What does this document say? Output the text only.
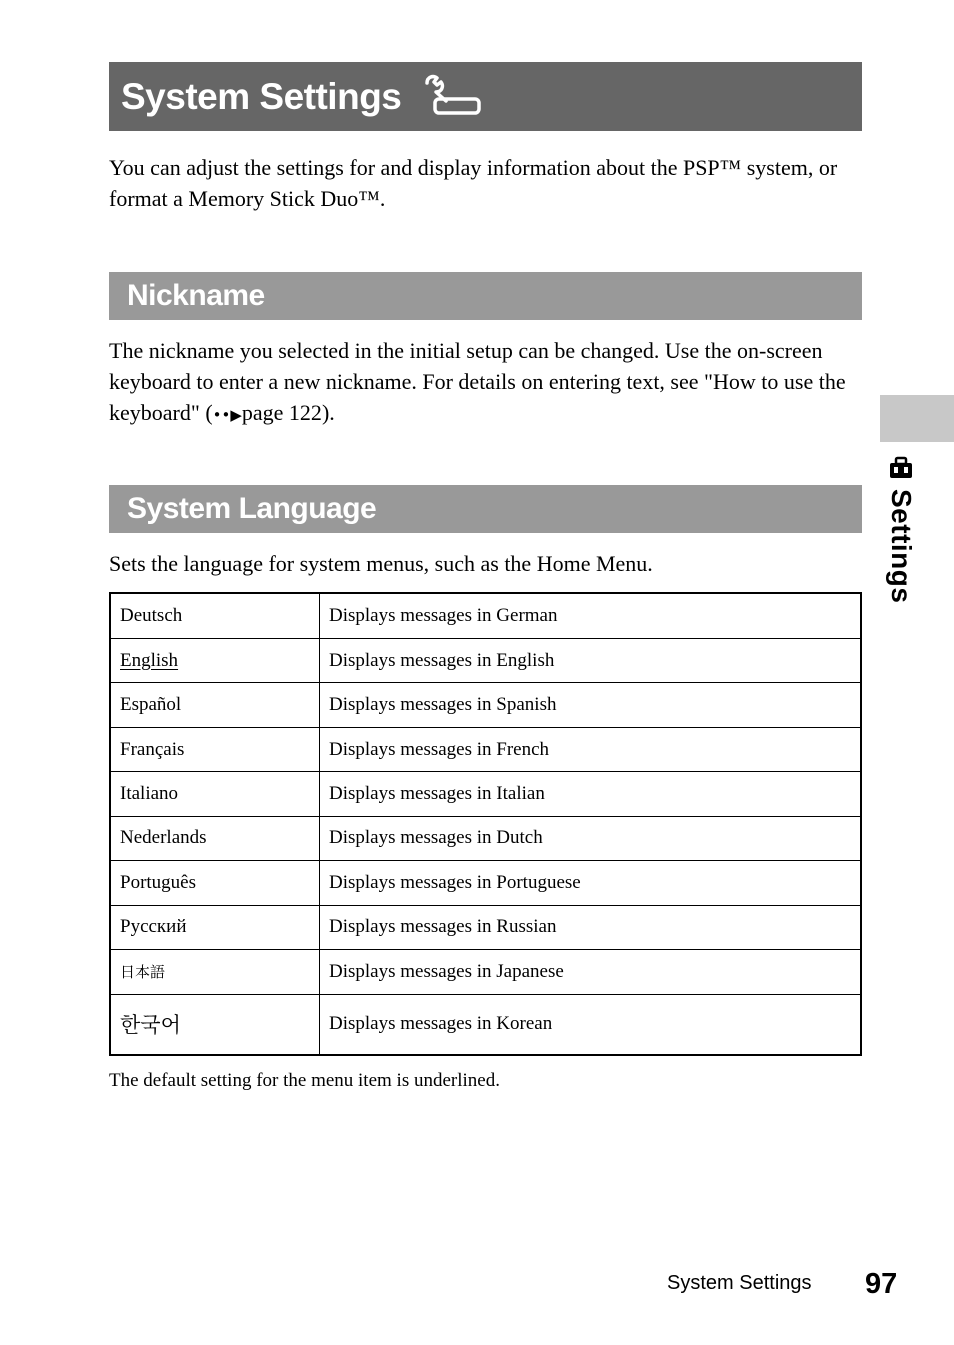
System Settings

You can adjust the settings for and display information about the PSP™ system, or format a Memory Stick Duo™.

Nickname

The nickname you selected in the initial setup can be changed. Use the on-screen keyboard to enter a new nickname. For details on entering text, see "How to use the keyboard" (••▶page 122).

System Language

Sets the language for system menus, such as the Home Menu.

Deutsch	Displays messages in German
English	Displays messages in English
Español	Displays messages in Spanish
Français	Displays messages in French
Italiano	Displays messages in Italian
Nederlands	Displays messages in Dutch
Português	Displays messages in Portuguese
Русский	Displays messages in Russian
日本語	Displays messages in Japanese
한국어	Displays messages in Korean

The default setting for the menu item is underlined.

Settings
System Settings 97
